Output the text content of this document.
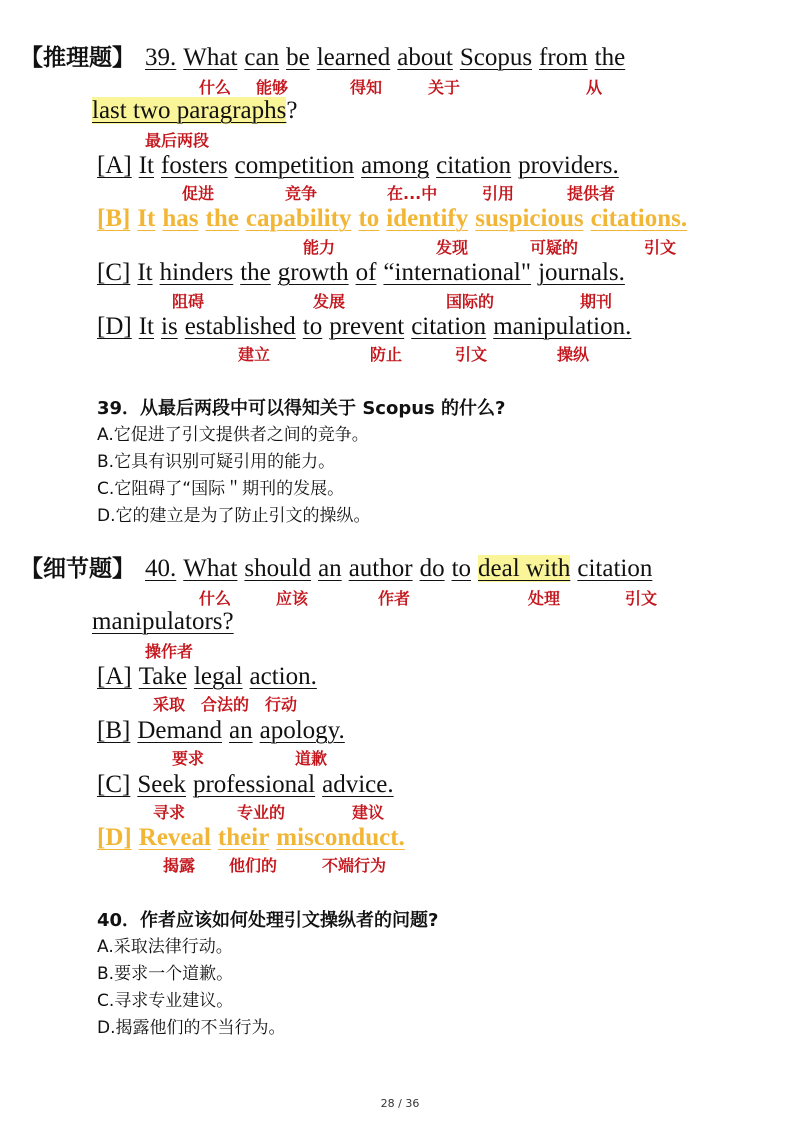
【推理题】 39. What can be learned about Scopus from the
什么 能够	得知	关于	从
last two paragraphs?
最后两段
[A] It fosters competition among citation providers.
促进	竞争	在...中	引用	提供者
[B] It has the capability to identify suspicious citations.
能力	发现	可疑的	引文
[C] It hinders the growth of “international" journals.
阻碍	发展	国际的	期刊
[D] It is established to prevent citation manipulation.
建立	防止	引文	操纵
39．从最后两段中可以得知关于 Scopus 的什么?
A.它促进了引文提供者之间的竞争。
B.它具有识别可疑引用的能力。
C.它阻碍了“国际＂期刊的发展。
D.它的建立是为了防止引文的操纵。
【细节题】 40. What should an author do to deal with citation
什么	应该	作者	处理	引文
manipulators?
操作者
[A] Take legal action.
采取 合法的 行动
[B] Demand an apology.
要求	道歉
[C] Seek professional advice.
寻求	专业的	建议
[D] Reveal their misconduct.
揭露 他们的	不端行为
40．作者应该如何处理引文操纵者的问题?
A.采取法律行动。
B.要求一个道歉。
C.寻求专业建议。
D.揭露他们的不当行为。
28 / 36
